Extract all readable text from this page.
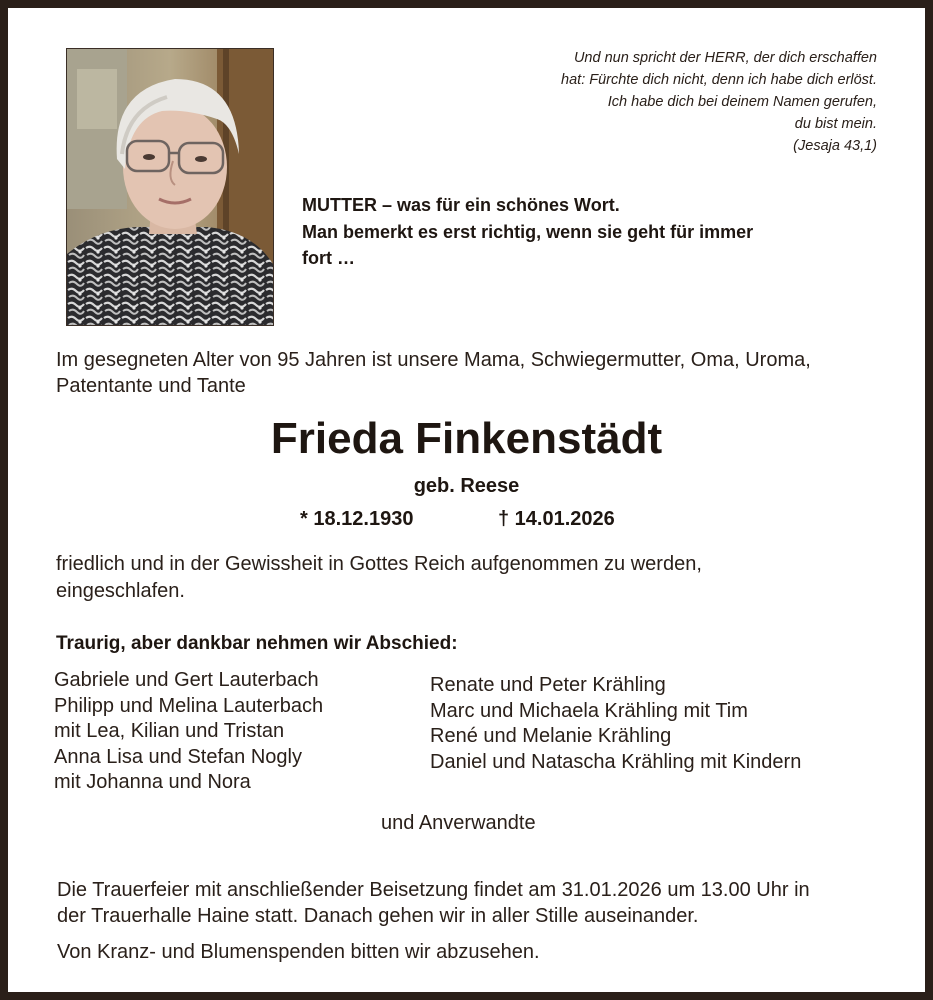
Und nun spricht der HERR, der dich erschaffen
hat: Fürchte dich nicht, denn ich habe dich erlöst.
Ich habe dich bei deinem Namen gerufen,
du bist mein.
(Jesaja 43,1)
MUTTER – was für ein schönes Wort.
Man bemerkt es erst richtig, wenn sie geht für immer
fort …
Im gesegneten Alter von 95 Jahren ist unsere Mama, Schwiegermutter, Oma, Uroma,
Patentante und Tante
Frieda Finkenstädt
geb. Reese
* 18.12.1930	† 14.01.2026
friedlich und in der Gewissheit in Gottes Reich aufgenommen zu werden,
eingeschlafen.
Traurig, aber dankbar nehmen wir Abschied:
Gabriele und Gert Lauterbach
Philipp und Melina Lauterbach
mit Lea, Kilian und Tristan
Anna Lisa und Stefan Nogly
mit Johanna und Nora
Renate und Peter Krähling
Marc und Michaela Krähling mit Tim
René und Melanie Krähling
Daniel und Natascha Krähling mit Kindern
und Anverwandte
Die Trauerfeier mit anschließender Beisetzung findet am 31.01.2026 um 13.00 Uhr in
der Trauerhalle Haine statt. Danach gehen wir in aller Stille auseinander.
Von Kranz- und Blumenspenden bitten wir abzusehen.
